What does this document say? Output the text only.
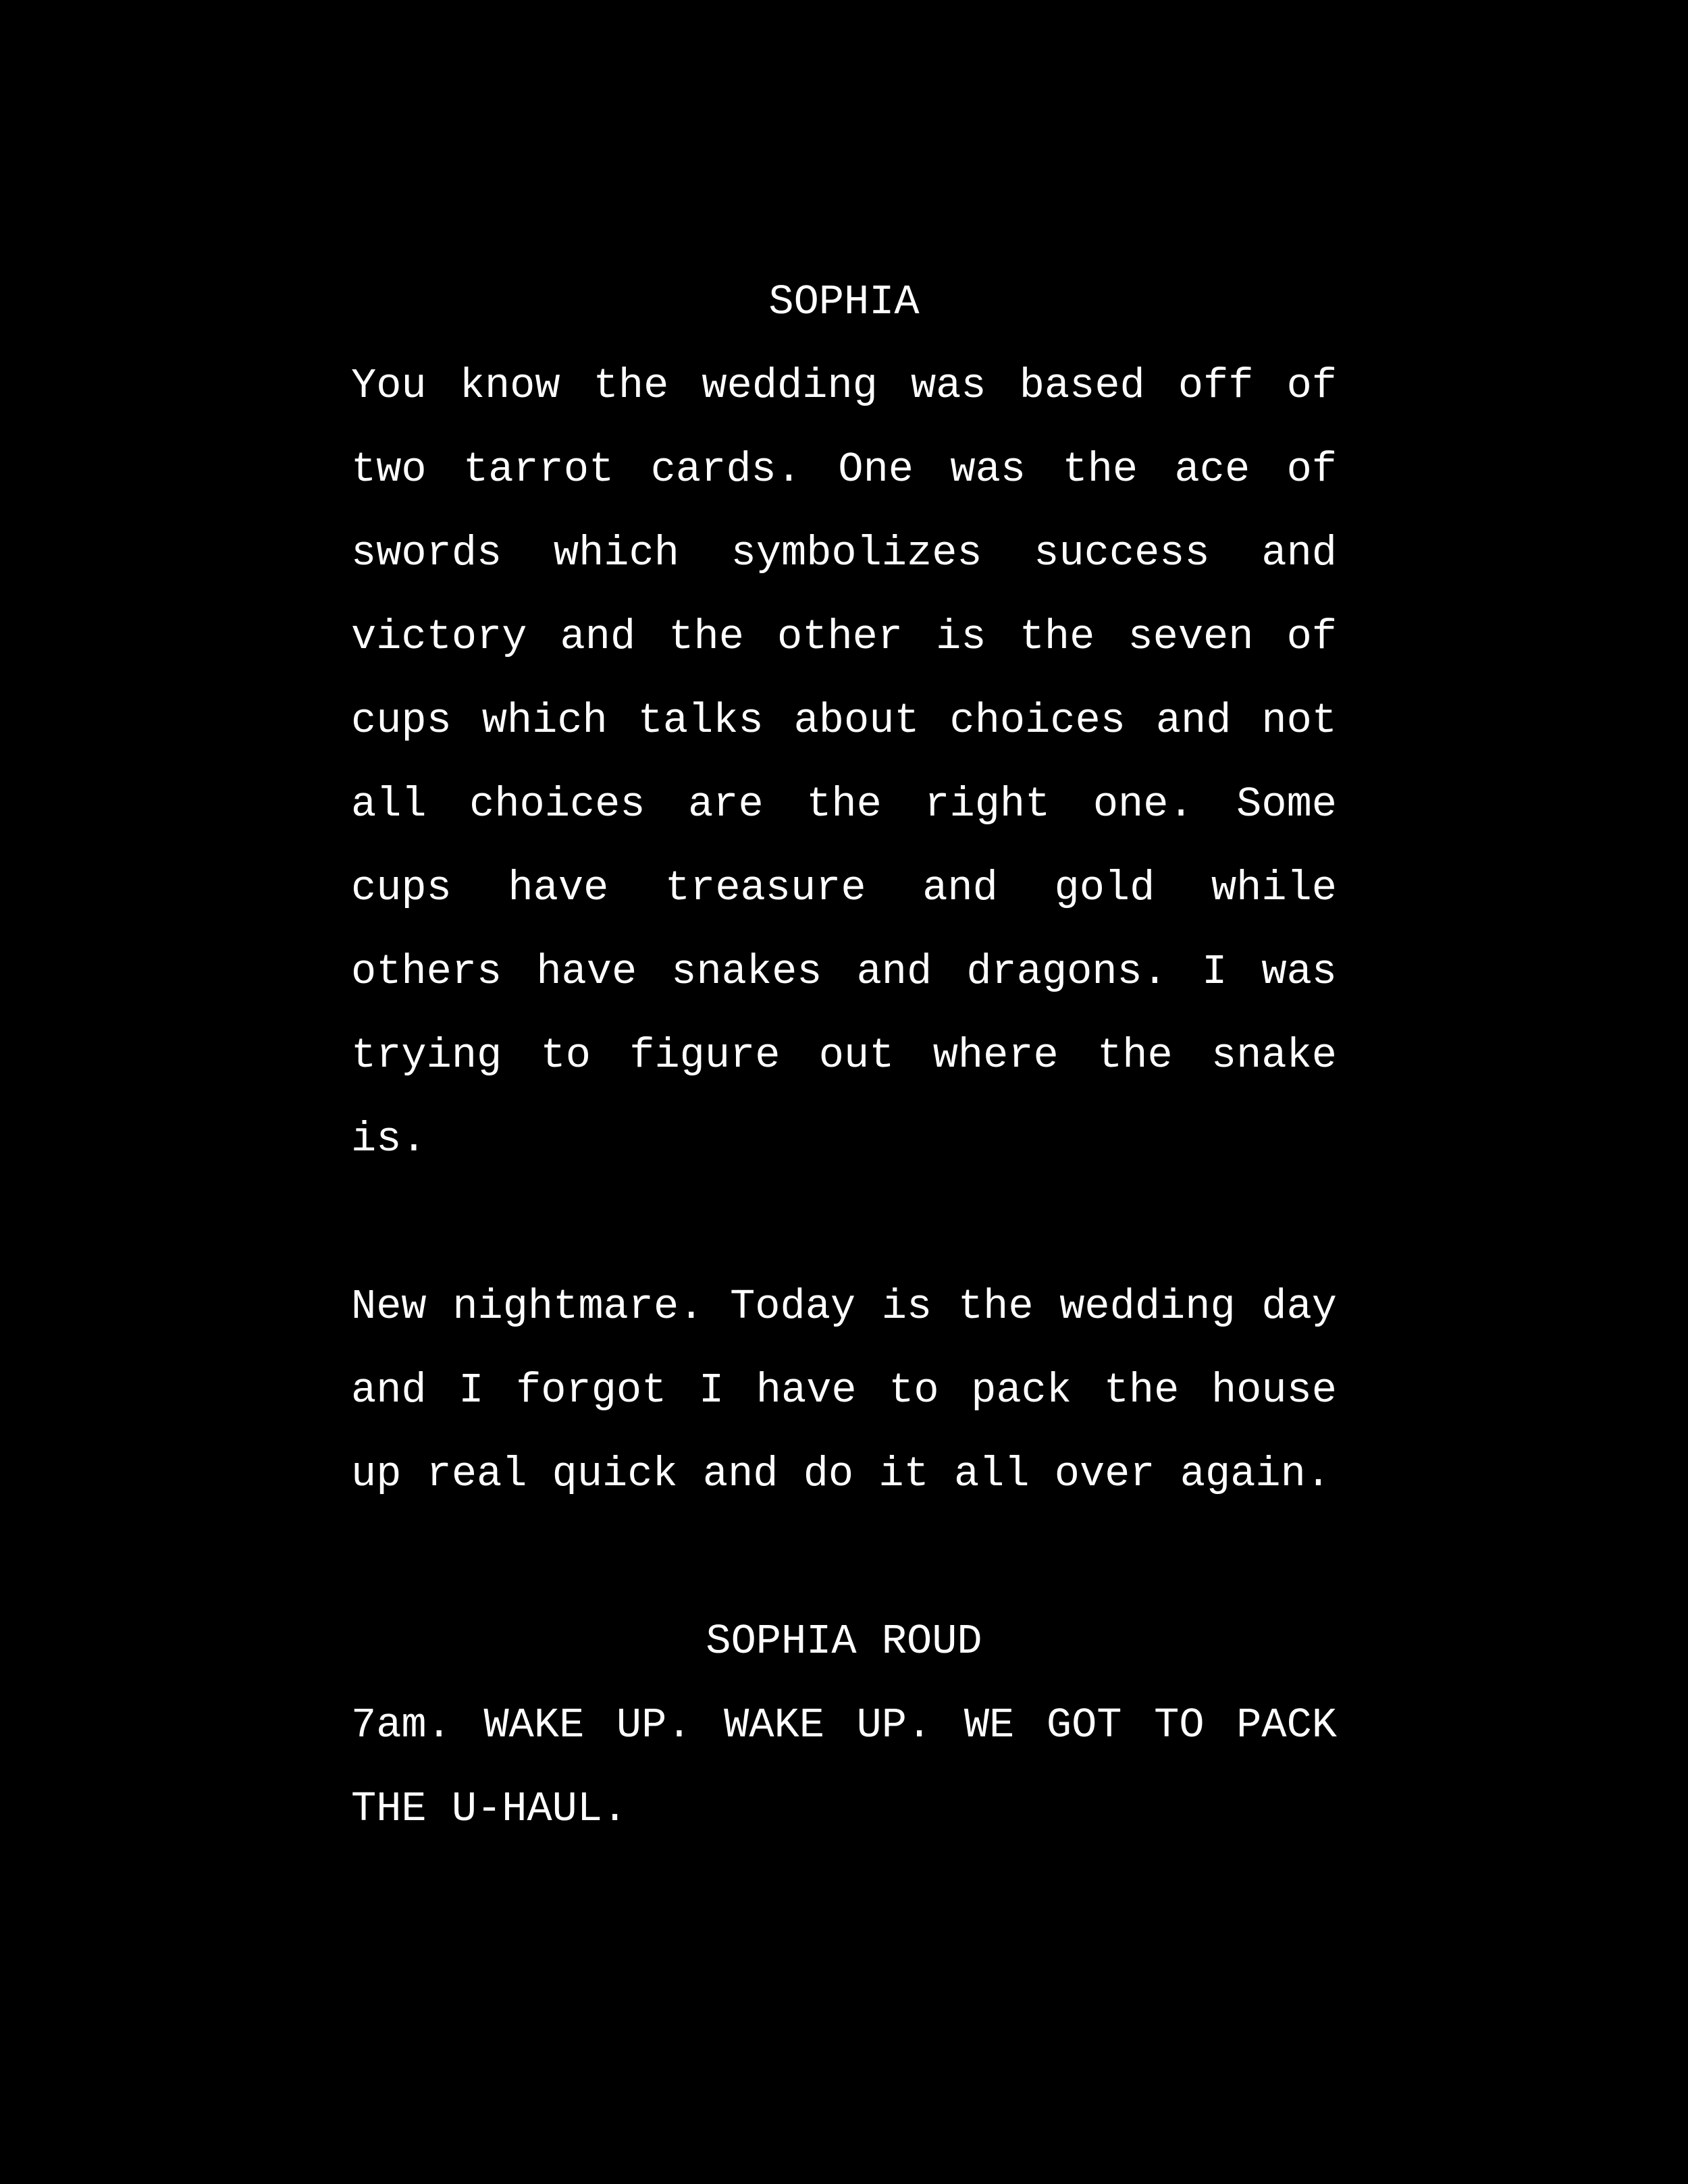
SOPHIA

You know the wedding was based off of two tarrot cards. One was the ace of swords which symbolizes success and victory and the other is the seven of cups which talks about choices and not all choices are the right one. Some cups have treasure and gold while others have snakes and dragons. I was trying to figure out where the snake is.

New nightmare. Today is the wedding day and I forgot I have to pack the house up real quick and do it all over again.

SOPHIA ROUD

7am. WAKE UP. WAKE UP. WE GOT TO PACK THE U-HAUL.
